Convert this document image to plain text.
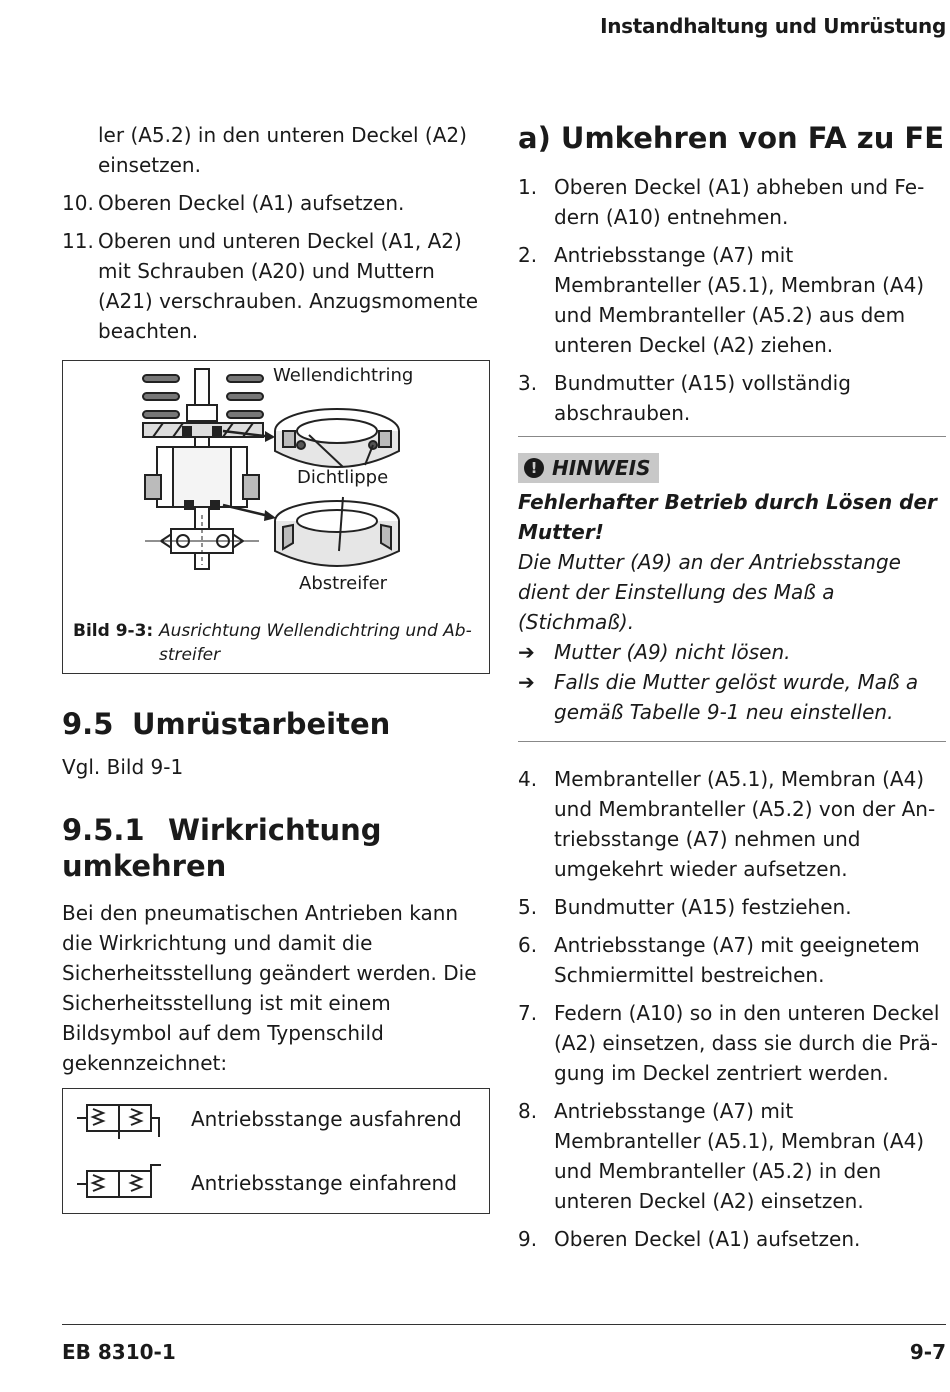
Instandhaltung und Umrüstung

ler (A5.2) in den unteren Deckel (A2) einsetzen.

10. Oberen Deckel (A1) aufsetzen.
11. Oberen und unteren Deckel (A1, A2) mit Schrauben (A20) und Muttern (A21) verschrauben. Anzugsmomente beachten.
Wellendichtring
Dichtlippe
Abstreifer
Bild 9-3: Ausrichtung Wellendichtring und Abstreifer
9.5 Umrüstarbeiten

Vgl. Bild 9-1

9.5.1 Wirkrichtung umkehren

Bei den pneumatischen Antrieben kann die Wirkrichtung und damit die Sicherheitsstellung geändert werden. Die Sicherheitsstellung ist mit einem Bildsymbol auf dem Typenschild gekennzeichnet:

Antriebsstange ausfahrend
Antriebsstange einfahrend
a) Umkehren von FA zu FE
1. Oberen Deckel (A1) abheben und Federn (A10) entnehmen.
2. Antriebsstange (A7) mit Membranteller (A5.1), Membran (A4) und Membranteller (A5.2) aus dem unteren Deckel (A2) ziehen.
3. Bundmutter (A15) vollständig abschrauben.
! HINWEIS

Fehlerhafter Betrieb durch Lösen der Mutter!

Die Mutter (A9) an der Antriebsstange dient der Einstellung des Maß a (Stichmaß).

➔ Mutter (A9) nicht lösen.

➔ Falls die Mutter gelöst wurde, Maß a gemäß Tabelle 9-1 neu einstellen.

4. Membranteller (A5.1), Membran (A4) und Membranteller (A5.2) von der Antriebsstange (A7) nehmen und umgekehrt wieder aufsetzen.
5. Bundmutter (A15) festziehen.
6. Antriebsstange (A7) mit geeignetem Schmiermittel bestreichen.
7. Federn (A10) so in den unteren Deckel (A2) einsetzen, dass sie durch die Prägung im Deckel zentriert werden.
8. Antriebsstange (A7) mit Membranteller (A5.1), Membran (A4) und Membranteller (A5.2) in den unteren Deckel (A2) einsetzen.
9. Oberen Deckel (A1) aufsetzen.
EB 8310-1	9-7
